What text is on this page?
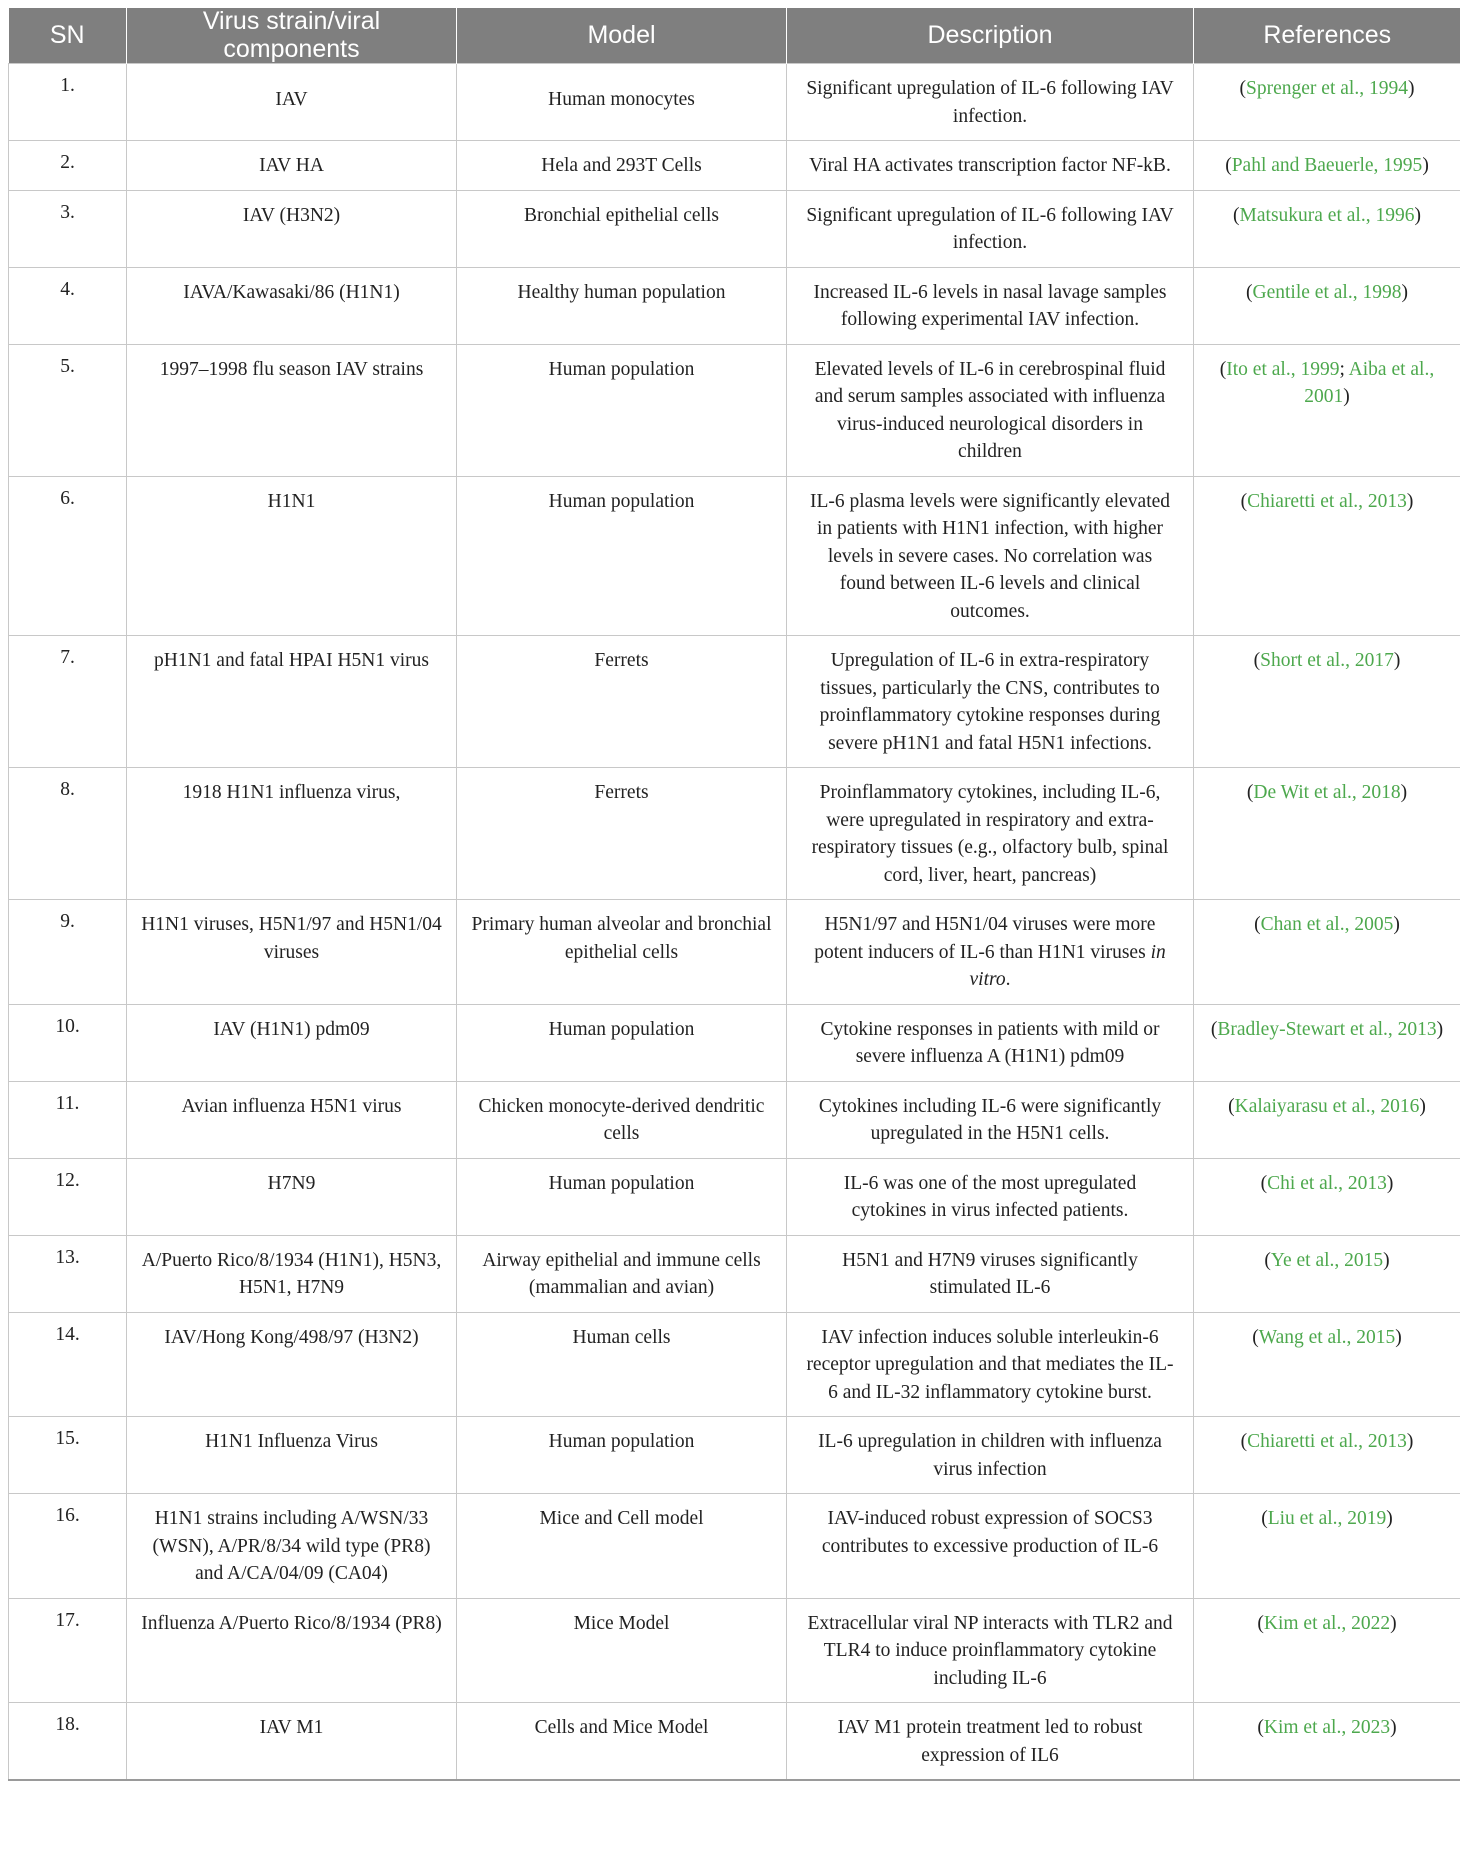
SN	Virus strain/viral components	Model	Description	References
1.	IAV	Human monocytes	Significant upregulation of IL-6 following IAV infection.	(Sprenger et al., 1994)
2.	IAV HA	Hela and 293T Cells	Viral HA activates transcription factor NF-kB.	(Pahl and Baeuerle, 1995)
3.	IAV (H3N2)	Bronchial epithelial cells	Significant upregulation of IL-6 following IAV infection.	(Matsukura et al., 1996)
4.	IAVA/Kawasaki/86 (H1N1)	Healthy human population	Increased IL-6 levels in nasal lavage samples following experimental IAV infection.	(Gentile et al., 1998)
5.	1997–1998 flu season IAV strains	Human population	Elevated levels of IL-6 in cerebrospinal fluid and serum samples associated with influenza virus-induced neurological disorders in children	(Ito et al., 1999; Aiba et al., 2001)
6.	H1N1	Human population	IL-6 plasma levels were significantly elevated in patients with H1N1 infection, with higher levels in severe cases. No correlation was found between IL-6 levels and clinical outcomes.	(Chiaretti et al., 2013)
7.	pH1N1 and fatal HPAI H5N1 virus	Ferrets	Upregulation of IL-6 in extra-respiratory tissues, particularly the CNS, contributes to proinflammatory cytokine responses during severe pH1N1 and fatal H5N1 infections.	(Short et al., 2017)
8.	1918 H1N1 influenza virus,	Ferrets	Proinflammatory cytokines, including IL-6, were upregulated in respiratory and extra-respiratory tissues (e.g., olfactory bulb, spinal cord, liver, heart, pancreas)	(De Wit et al., 2018)
9.	H1N1 viruses, H5N1/97 and H5N1/04 viruses	Primary human alveolar and bronchial epithelial cells	H5N1/97 and H5N1/04 viruses were more potent inducers of IL-6 than H1N1 viruses in vitro.	(Chan et al., 2005)
10.	IAV (H1N1) pdm09	Human population	Cytokine responses in patients with mild or severe influenza A (H1N1) pdm09	(Bradley-Stewart et al., 2013)
11.	Avian influenza H5N1 virus	Chicken monocyte-derived dendritic cells	Cytokines including IL-6 were significantly upregulated in the H5N1 cells.	(Kalaiyarasu et al., 2016)
12.	H7N9	Human population	IL-6 was one of the most upregulated cytokines in virus infected patients.	(Chi et al., 2013)
13.	A/Puerto Rico/8/1934 (H1N1), H5N3, H5N1, H7N9	Airway epithelial and immune cells (mammalian and avian)	H5N1 and H7N9 viruses significantly stimulated IL-6	(Ye et al., 2015)
14.	IAV/Hong Kong/498/97 (H3N2)	Human cells	IAV infection induces soluble interleukin-6 receptor upregulation and that mediates the IL-6 and IL-32 inflammatory cytokine burst.	(Wang et al., 2015)
15.	H1N1 Influenza Virus	Human population	IL-6 upregulation in children with influenza virus infection	(Chiaretti et al., 2013)
16.	H1N1 strains including A/WSN/33 (WSN), A/PR/8/34 wild type (PR8) and A/CA/04/09 (CA04)	Mice and Cell model	IAV-induced robust expression of SOCS3 contributes to excessive production of IL-6	(Liu et al., 2019)
17.	Influenza A/Puerto Rico/8/1934 (PR8)	Mice Model	Extracellular viral NP interacts with TLR2 and TLR4 to induce proinflammatory cytokine including IL-6	(Kim et al., 2022)
18.	IAV M1	Cells and Mice Model	IAV M1 protein treatment led to robust expression of IL6	(Kim et al., 2023)
